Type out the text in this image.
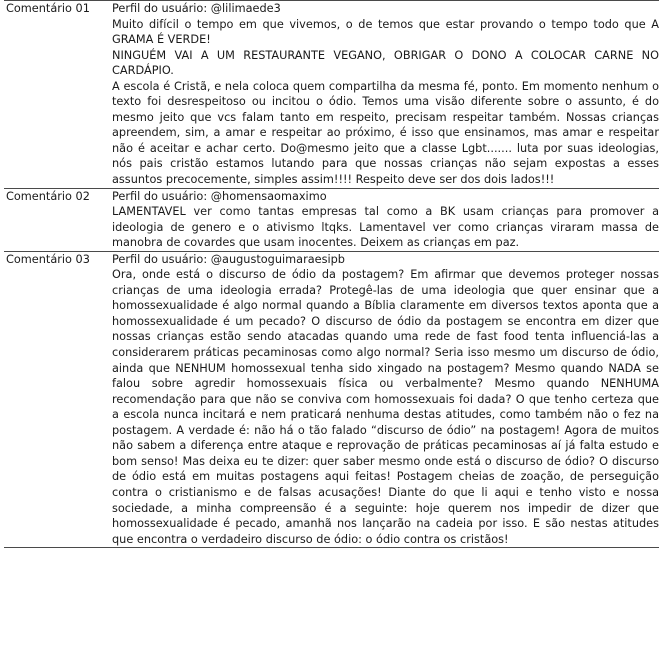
Comentário 01	Perfil do usuário: @lilimaede3

Muito difícil o tempo em que vivemos, o de temos que estar provando o tempo todo que A GRAMA É VERDE!

NINGUÉM VAI A UM RESTAURANTE VEGANO, OBRIGAR O DONO A COLOCAR CARNE NO CARDÁPIO.

A escola é Cristã, e nela coloca quem compartilha da mesma fé, ponto. Em momento nenhum o texto foi desrespeitoso ou incitou o ódio. Temos uma visão diferente sobre o assunto, é do mesmo jeito que vcs falam tanto em respeito, precisam respeitar também. Nossas crianças apreendem, sim, a amar e respeitar ao próximo, é isso que ensinamos, mas amar e respeitar não é aceitar e achar certo. Do@mesmo jeito que a classe Lgbt....... luta por suas ideologias, nós pais cristão estamos lutando para que nossas crianças não sejam expostas a esses assuntos precocemente, simples assim!!!! Respeito deve ser dos dois lados!!!

Comentário 02	Perfil do usuário: @homensaomaximo

LAMENTAVEL ver como tantas empresas tal como a BK usam crianças para promover a ideologia de genero e o ativismo ltqks. Lamentavel ver como crianças viraram massa de manobra de covardes que usam inocentes. Deixem as crianças em paz.

Comentário 03	Perfil do usuário: @augustoguimaraesipb

Ora, onde está o discurso de ódio da postagem? Em afirmar que devemos proteger nossas crianças de uma ideologia errada? Protegê-las de uma ideologia que quer ensinar que a homossexualidade é algo normal quando a Bíblia claramente em diversos textos aponta que a homossexualidade é um pecado? O discurso de ódio da postagem se encontra em dizer que nossas crianças estão sendo atacadas quando uma rede de fast food tenta influenciá-las a considerarem práticas pecaminosas como algo normal? Seria isso mesmo um discurso de ódio, ainda que NENHUM homossexual tenha sido xingado na postagem? Mesmo quando NADA se falou sobre agredir homossexuais física ou verbalmente? Mesmo quando NENHUMA recomendação para que não se conviva com homossexuais foi dada? O que tenho certeza que a escola nunca incitará e nem praticará nenhuma destas atitudes, como também não o fez na postagem. A verdade é: não há o tão falado “discurso de ódio” na postagem! Agora de muitos não sabem a diferença entre ataque e reprovação de práticas pecaminosas aí já falta estudo e bom senso! Mas deixa eu te dizer: quer saber mesmo onde está o discurso de ódio? O discurso de ódio está em muitas postagens aqui feitas! Postagem cheias de zoação, de perseguição contra o cristianismo e de falsas acusações! Diante do que li aqui e tenho visto e nossa sociedade, a minha compreensão é a seguinte: hoje querem nos impedir de dizer que homossexualidade é pecado, amanhã nos lançarão na cadeia por isso. E são nestas atitudes que encontra o verdadeiro discurso de ódio: o ódio contra os cristãos!
